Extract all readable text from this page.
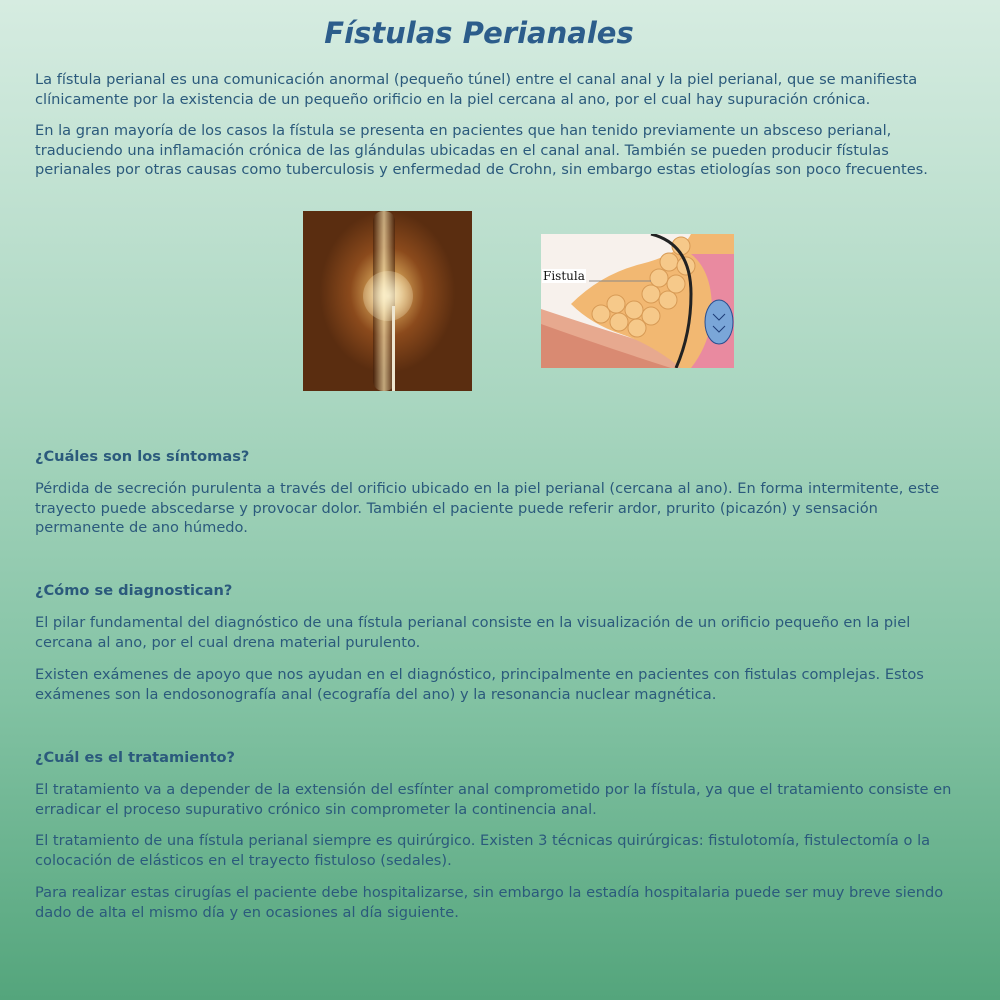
Fístulas Perianales

La fístula perianal es una comunicación anormal (pequeño túnel) entre el canal anal y la piel perianal, que se manifiesta clínicamente por la existencia de un pequeño orificio en la piel cercana al ano, por el cual hay supuración crónica.

En la gran mayoría de los casos la fístula se presenta en pacientes que han tenido previamente un absceso perianal, traduciendo una inflamación crónica de las glándulas ubicadas en el canal anal. También se pueden producir fístulas perianales por otras causas como tuberculosis y enfermedad de Crohn, sin embargo estas etiologías son poco frecuentes.

Fistula
¿Cuáles son los síntomas?

Pérdida de secreción purulenta a través del orificio ubicado en la piel perianal (cercana al ano). En forma intermitente, este trayecto puede abscedarse y provocar dolor. También el paciente puede referir ardor, prurito (picazón) y sensación permanente de ano húmedo.

¿Cómo se diagnostican?

El pilar fundamental del diagnóstico de una fístula perianal consiste en la visualización de un orificio pequeño en la piel cercana al ano, por el cual drena material purulento.

Existen exámenes de apoyo que nos ayudan en el diagnóstico, principalmente en pacientes con fistulas complejas. Estos exámenes son la endosonografía anal (ecografía del ano) y la resonancia nuclear magnética.

¿Cuál es el tratamiento?

El tratamiento va a depender de la extensión del esfínter anal comprometido por la fístula, ya que el tratamiento consiste en erradicar el proceso supurativo crónico sin comprometer la continencia anal.

El tratamiento de una fístula perianal siempre es quirúrgico. Existen 3 técnicas quirúrgicas: fistulotomía, fistulectomía o la colocación de elásticos en el trayecto fistuloso (sedales).

Para realizar estas cirugías el paciente debe hospitalizarse, sin embargo la estadía hospitalaria puede ser muy breve siendo dado de alta el mismo día y en ocasiones al día siguiente.
